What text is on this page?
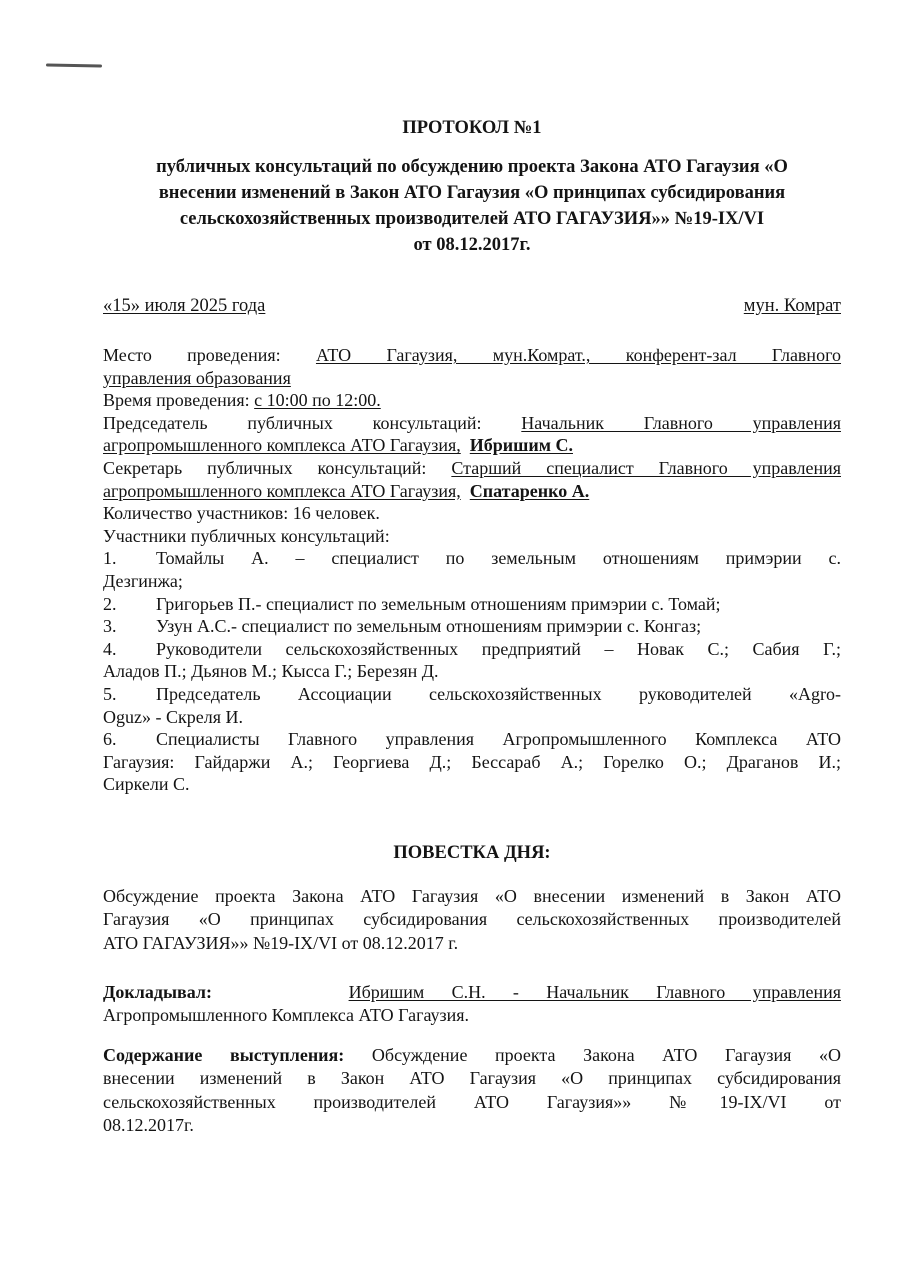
ПРОТОКОЛ №1
публичных консультаций по обсуждению проекта Закона АТО Гагаузия «О
внесении изменений в Закон АТО Гагаузия «О принципах субсидирования
сельскохозяйственных производителей АТО ГАГАУЗИЯ»» №19-IX/VI
от 08.12.2017г.
«15» июля 2025 года	мун. Комрат
Место проведения: АТО Гагаузия, мун.Комрат., конферент-зал Главного
управления образования
Время проведения: с 10:00 по 12:00.
Председатель публичных консультаций: Начальник Главного управления
агропромышленного комплекса АТО Гагаузия, Ибришим С.
Секретарь публичных консультаций: Старший специалист Главного управления
агропромышленного комплекса АТО Гагаузия, Спатаренко А.
Количество участников: 16 человек.
Участники публичных консультаций:
1. Томайлы А. – специалист по земельным отношениям примэрии с.
Дезгинжа;
2. Григорьев П.- специалист по земельным отношениям примэрии с. Томай;
3. Узун А.С.- специалист по земельным отношениям примэрии с. Конгаз;
4. Руководители сельскохозяйственных предприятий – Новак С.; Сабия Г.;
Аладов П.; Дьянов М.; Кысса Г.; Березян Д.
5. Председатель Ассоциации сельскохозяйственных руководителей «Agro-
Oguz» - Скреля И.
6. Специалисты Главного управления Агропромышленного Комплекса АТО
Гагаузия: Гайдаржи А.; Георгиева Д.; Бессараб А.; Горелко О.; Драганов И.;
Сиркели С.
ПОВЕСТКА ДНЯ:
Обсуждение проекта Закона АТО Гагаузия «О внесении изменений в Закон АТО
Гагаузия «О принципах субсидирования сельскохозяйственных производителей
АТО ГАГАУЗИЯ»» №19-IX/VI от 08.12.2017 г.
Докладывал:	Ибришим С.Н. - Начальник Главного управления
Агропромышленного Комплекса АТО Гагаузия.
Содержание выступления: Обсуждение проекта Закона АТО Гагаузия «О
внесении изменений в Закон АТО Гагаузия «О принципах субсидирования
сельскохозяйственных производителей АТО Гагаузия»» №19-IX/VI от
08.12.2017г.
